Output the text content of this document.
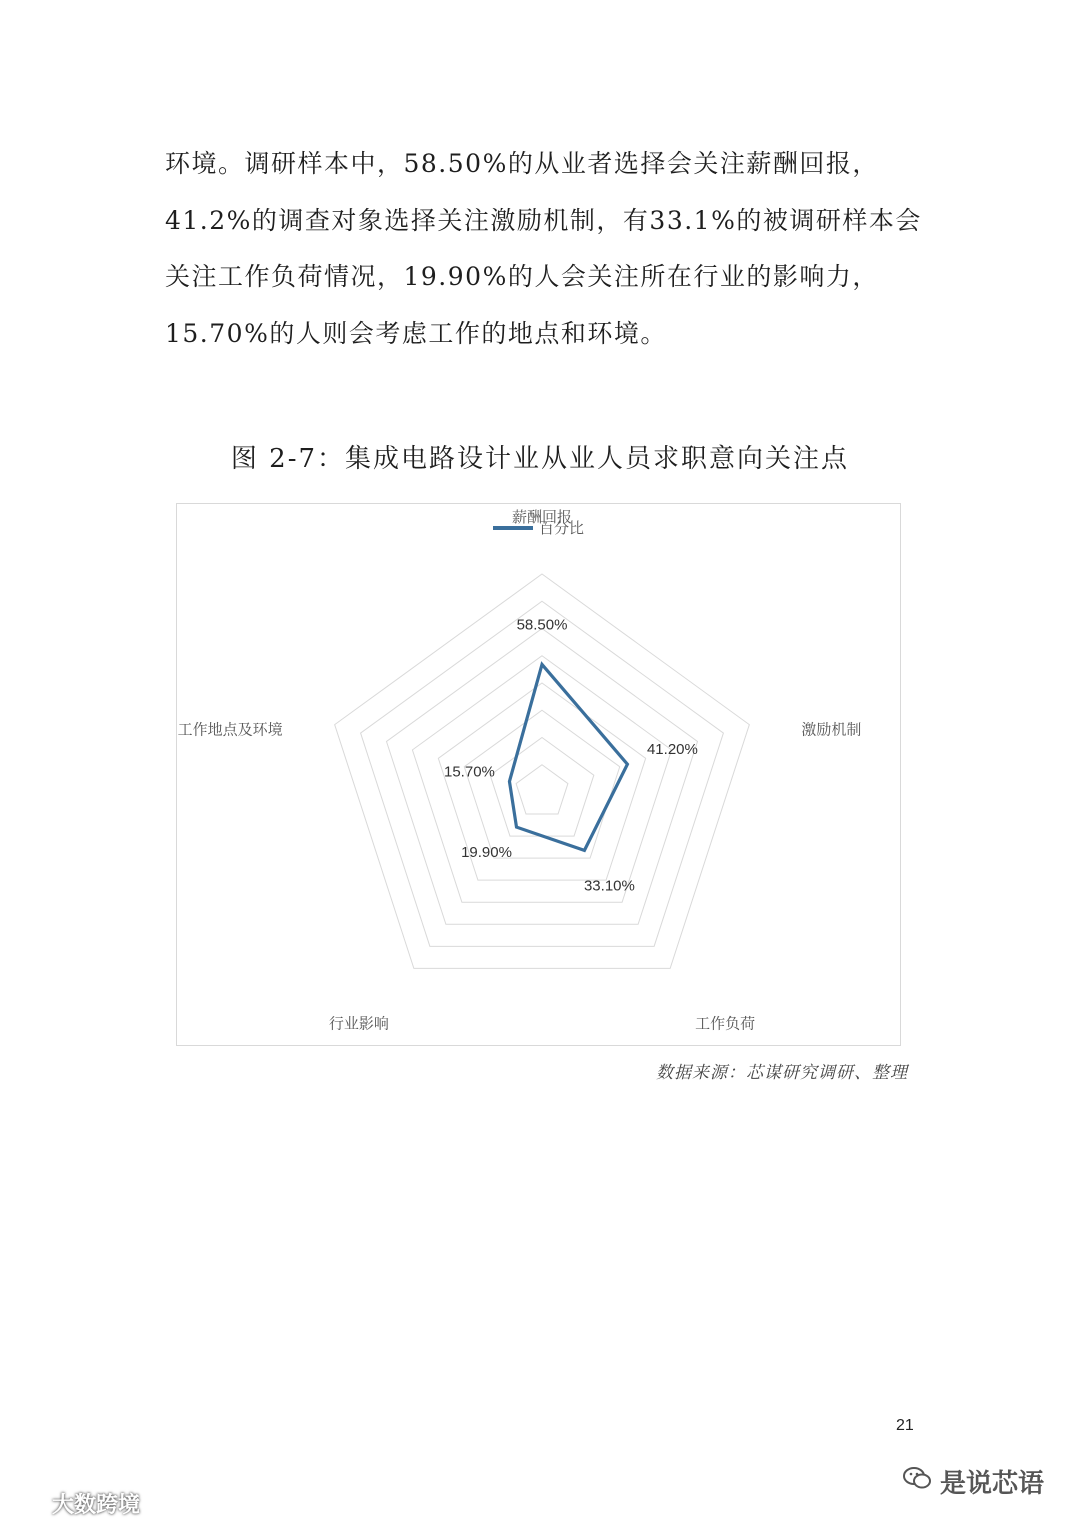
环境。调研样本中，58.50%的从业者选择会关注薪酬回报，41.2%的调查对象选择关注激励机制，有33.1%的被调研样本会关注工作负荷情况，19.90%的人会关注所在行业的影响力，15.70%的人则会考虑工作的地点和环境。

图 2-7：集成电路设计业从业人员求职意向关注点
薪酬回报
激励机制
工作负荷
行业影响
工作地点及环境
58.50%
41.20%
33.10%
19.90%
15.70%
百分比
数据来源：芯谋研究调研、整理
21
是说芯语
大数跨境
